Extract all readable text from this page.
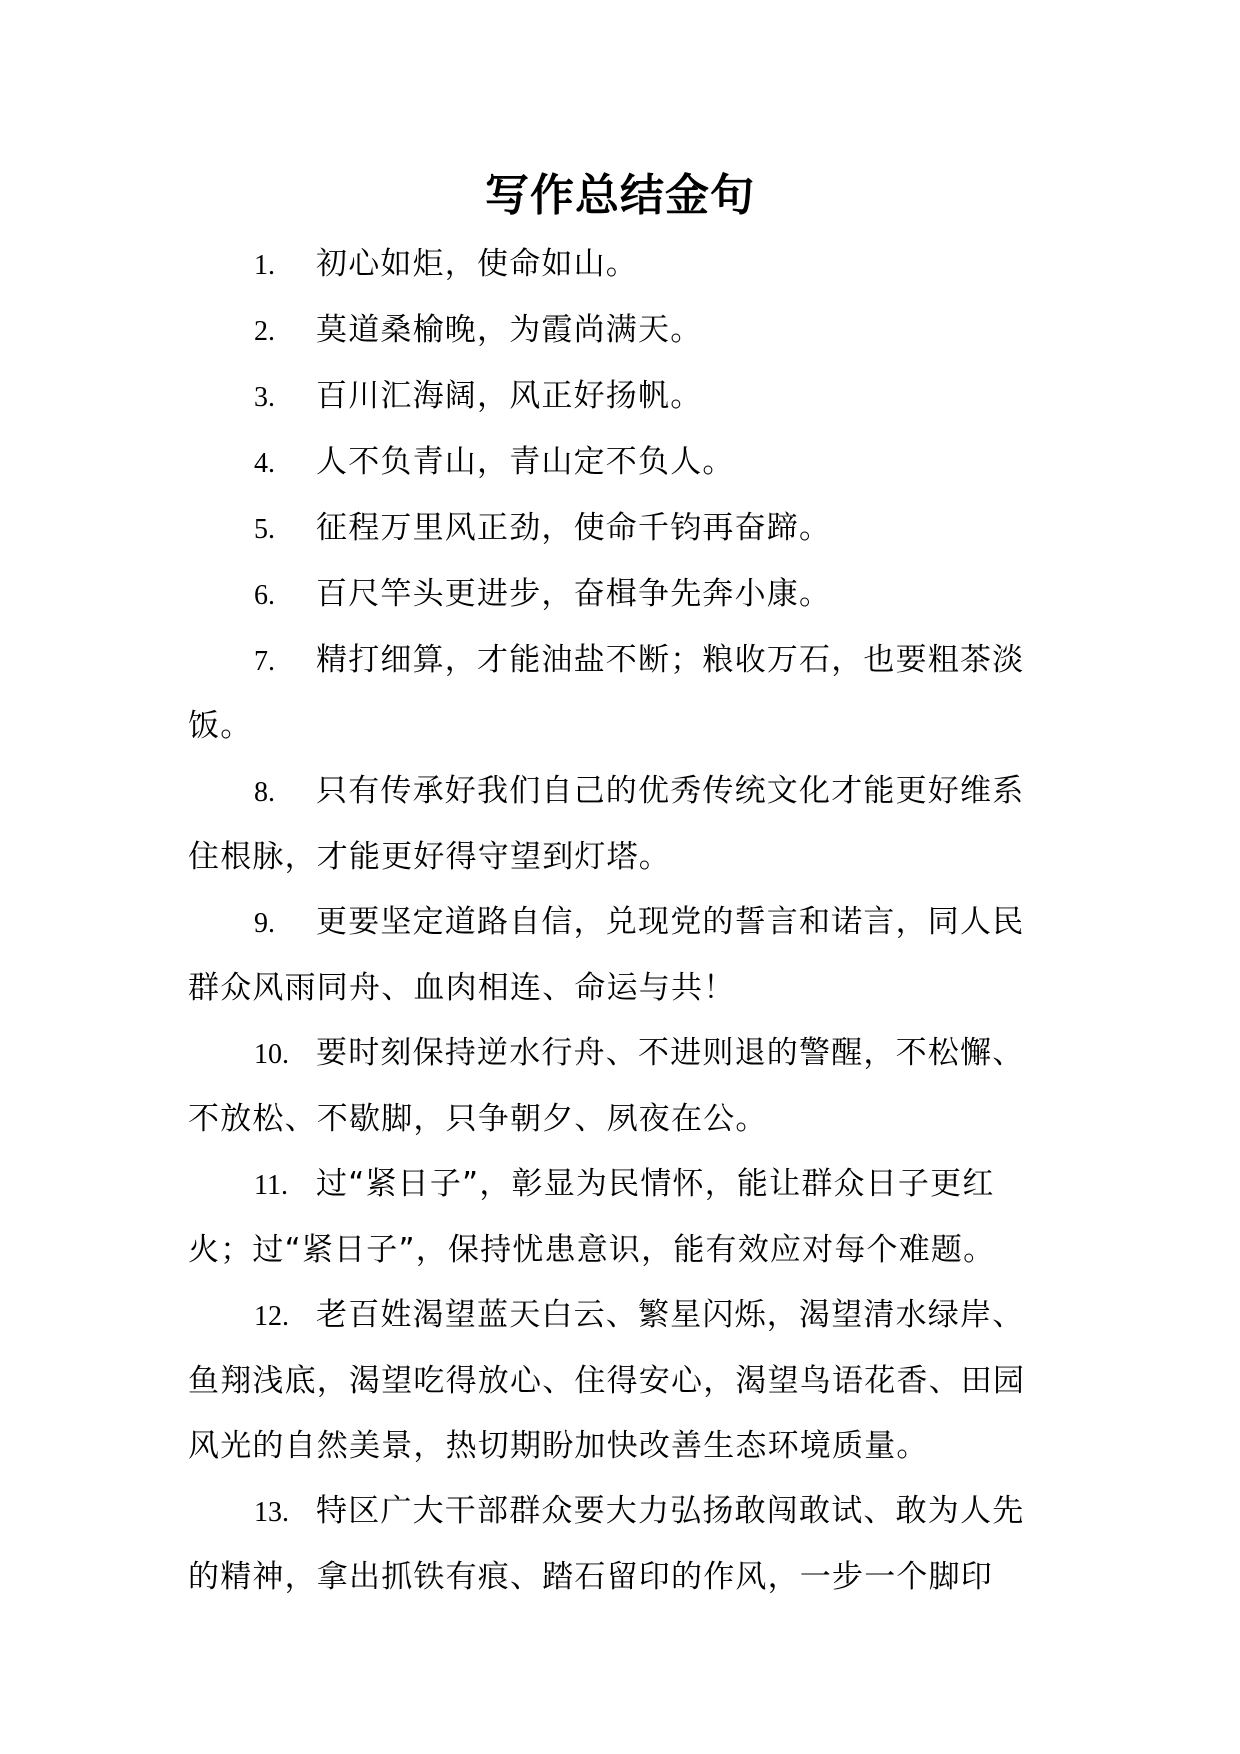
写作总结金句

1. 初心如炬，使命如山。

2. 莫道桑榆晚，为霞尚满天。

3. 百川汇海阔，风正好扬帆。

4. 人不负青山，青山定不负人。

5. 征程万里风正劲，使命千钧再奋蹄。

6. 百尺竿头更进步，奋楫争先奔小康。

7. 精打细算，才能油盐不断；粮收万石，也要粗茶淡饭。

8. 只有传承好我们自己的优秀传统文化才能更好维系住根脉，才能更好得守望到灯塔。

9. 更要坚定道路自信，兑现党的誓言和诺言，同人民群众风雨同舟、血肉相连、命运与共！

10. 要时刻保持逆水行舟、不进则退的警醒，不松懈、不放松、不歇脚，只争朝夕、夙夜在公。

11. 过“紧日子”，彰显为民情怀，能让群众日子更红火；过“紧日子”，保持忧患意识，能有效应对每个难题。

12. 老百姓渴望蓝天白云、繁星闪烁，渴望清水绿岸、鱼翔浅底，渴望吃得放心、住得安心，渴望鸟语花香、田园风光的自然美景，热切期盼加快改善生态环境质量。

13. 特区广大干部群众要大力弘扬敢闯敢试、敢为人先的精神，拿出抓铁有痕、踏石留印的作风，一步一个脚印
